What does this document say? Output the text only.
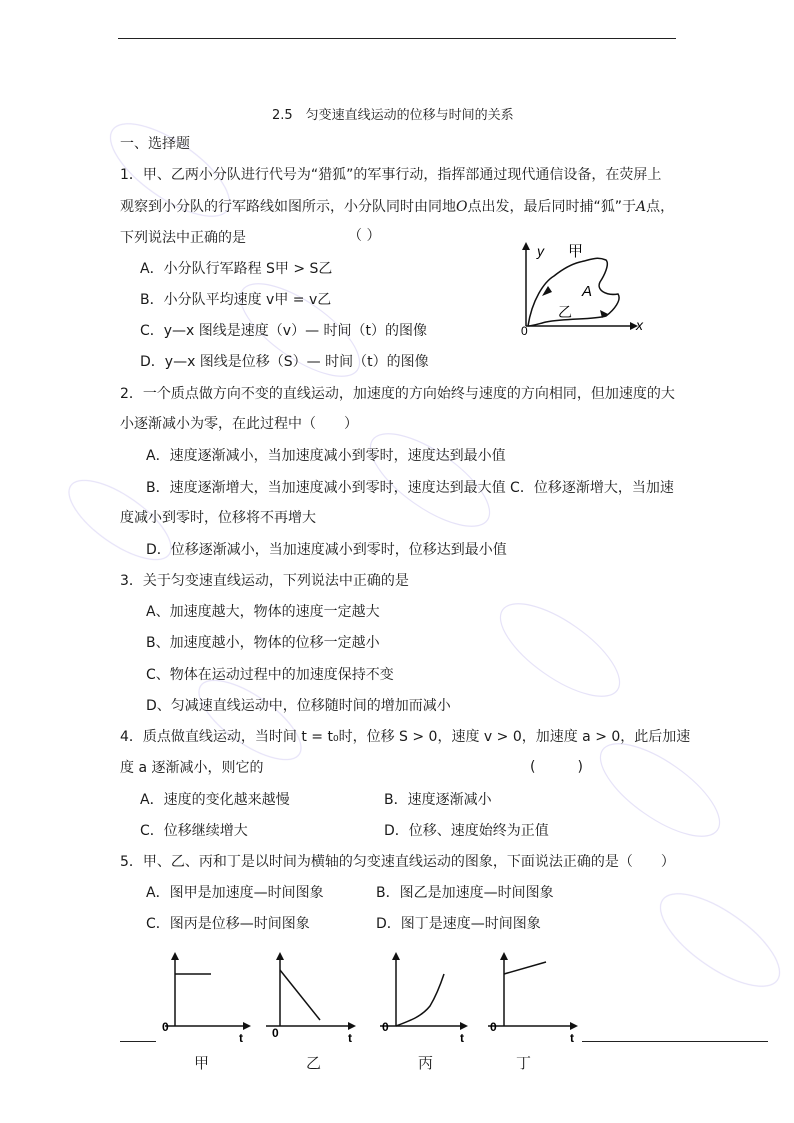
2.5　匀变速直线运动的位移与时间的关系
一、选择题
1．甲、乙两小分队进行代号为“猎狐”的军事行动，指挥部通过现代通信设备，在荧屏上
观察到小分队的行军路线如图所示，小分队同时由同地O点出发，最后同时捕“狐”于A点，
下列说法中正确的是	（ ）
A．小分队行军路程 S甲 > S乙
B．小分队平均速度 v甲 = v乙
C．y—x 图线是速度（v）— 时间（t）的图像
D．y—x 图线是位移（S）— 时间（t）的图像
y
x
0
甲
乙
A
2．一个质点做方向不变的直线运动，加速度的方向始终与速度的方向相同，但加速度的大
小逐渐减小为零，在此过程中（　　）
A．速度逐渐减小，当加速度减小到零时，速度达到最小值
B．速度逐渐增大，当加速度减小到零时，速度达到最大值 C．位移逐渐增大，当加速
度减小到零时，位移将不再增大
D．位移逐渐减小，当加速度减小到零时，位移达到最小值
3．关于匀变速直线运动，下列说法中正确的是
A、加速度越大，物体的速度一定越大
B、加速度越小，物体的位移一定越小
C、物体在运动过程中的加速度保持不变
D、匀减速直线运动中，位移随时间的增加而减小
4．质点做直线运动，当时间 t = t₀时，位移 S > 0，速度 v > 0，加速度 a > 0，此后加速
度 a 逐渐减小，则它的	(　　　)
A．速度的变化越来越慢	B．速度逐渐减小
C．位移继续增大	D．位移、速度始终为正值
5．甲、乙、丙和丁是以时间为横轴的匀变速直线运动的图象，下面说法正确的是（　　）
A．图甲是加速度—时间图象	B．图乙是加速度—时间图象
C．图丙是位移—时间图象	D．图丁是速度—时间图象
0
t 0	t
0
t
0
t
甲	乙	丙	丁
